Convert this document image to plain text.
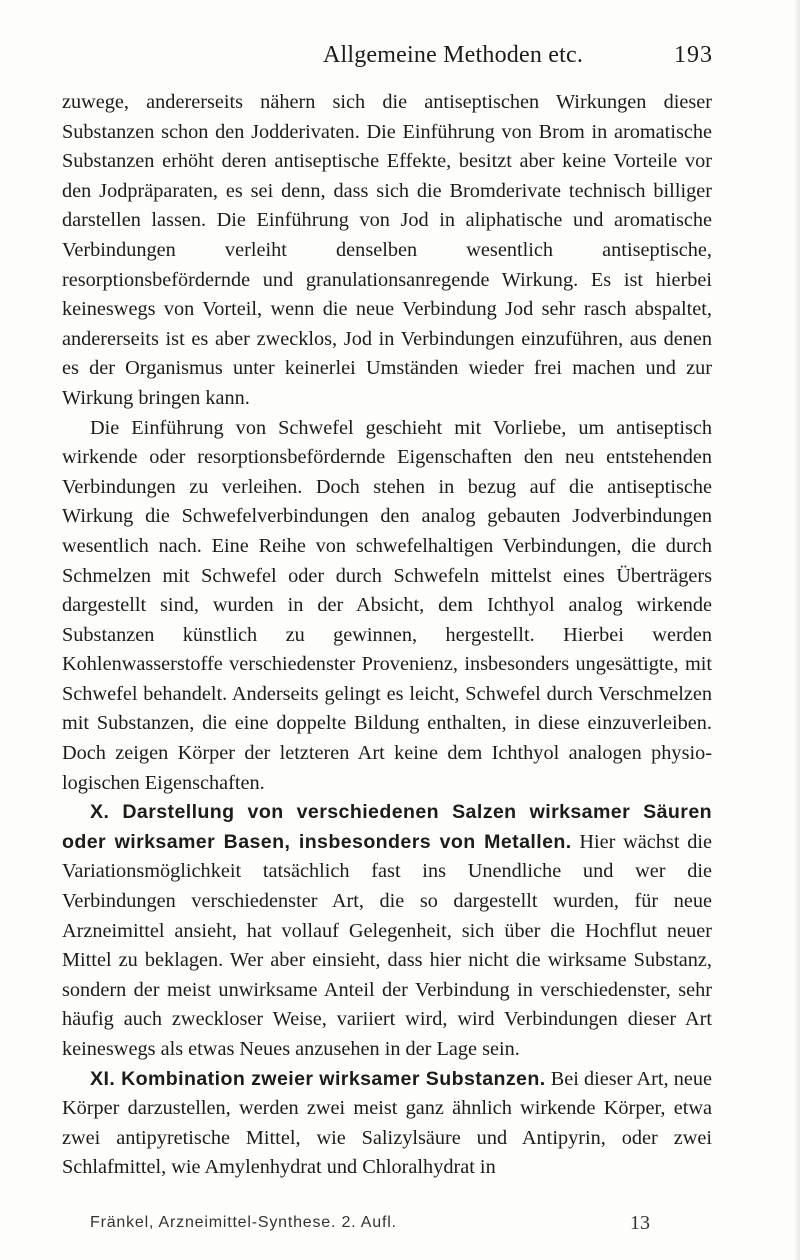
Allgemeine Methoden etc.	193

zuwege, andererseits nähern sich die antiseptischen Wirkungen dieser Substanzen schon den Jodderivaten. Die Einführung von Brom in aromatische Substanzen erhöht deren antiseptische Effekte, besitzt aber keine Vorteile vor den Jodpräparaten, es sei denn, dass sich die Bromderivate technisch billiger darstellen lassen. Die Einführung von Jod in aliphatische und aromatische Verbindungen verleiht denselben wesentlich antiseptische, resorptionsbefördernde und granulationsanregende Wirkung. Es ist hierbei keineswegs von Vorteil, wenn die neue Verbindung Jod sehr rasch abspaltet, andererseits ist es aber zwecklos, Jod in Verbindungen einzuführen, aus denen es der Organismus unter keinerlei Umständen wieder frei machen und zur Wirkung bringen kann.

Die Einführung von Schwefel geschieht mit Vorliebe, um antiseptisch wirkende oder resorptionsbefördernde Eigenschaften den neu entstehenden Verbindungen zu verleihen. Doch stehen in bezug auf die antiseptische Wirkung die Schwefelverbindungen den analog gebauten Jodverbindungen wesentlich nach. Eine Reihe von schwefelhaltigen Verbindungen, die durch Schmelzen mit Schwefel oder durch Schwefeln mittelst eines Überträgers dargestellt sind, wurden in der Absicht, dem Ichthyol analog wirkende Substanzen künstlich zu gewinnen, hergestellt. Hierbei werden Kohlenwasserstoffe verschiedenster Provenienz, insbesonders ungesättigte, mit Schwefel behandelt. Anderseits gelingt es leicht, Schwefel durch Verschmelzen mit Substanzen, die eine doppelte Bildung enthalten, in diese einzuverleiben. Doch zeigen Körper der letzteren Art keine dem Ichthyol analogen physiologischen Eigenschaften.

X. Darstellung von verschiedenen Salzen wirksamer Säuren oder wirksamer Basen, insbesonders von Metallen. Hier wächst die Variationsmöglichkeit tatsächlich fast ins Unendliche und wer die Verbindungen verschiedenster Art, die so dargestellt wurden, für neue Arzneimittel ansieht, hat vollauf Gelegenheit, sich über die Hochflut neuer Mittel zu beklagen. Wer aber einsieht, dass hier nicht die wirksame Substanz, sondern der meist unwirksame Anteil der Verbindung in verschiedenster, sehr häufig auch zweckloser Weise, variiert wird, wird Verbindungen dieser Art keineswegs als etwas Neues anzusehen in der Lage sein.

XI. Kombination zweier wirksamer Substanzen. Bei dieser Art, neue Körper darzustellen, werden zwei meist ganz ähnlich wirkende Körper, etwa zwei antipyretische Mittel, wie Salizylsäure und Antipyrin, oder zwei Schlafmittel, wie Amylenhydrat und Chloralhydrat in

Fränkel, Arzneimittel-Synthese. 2. Aufl.	13
